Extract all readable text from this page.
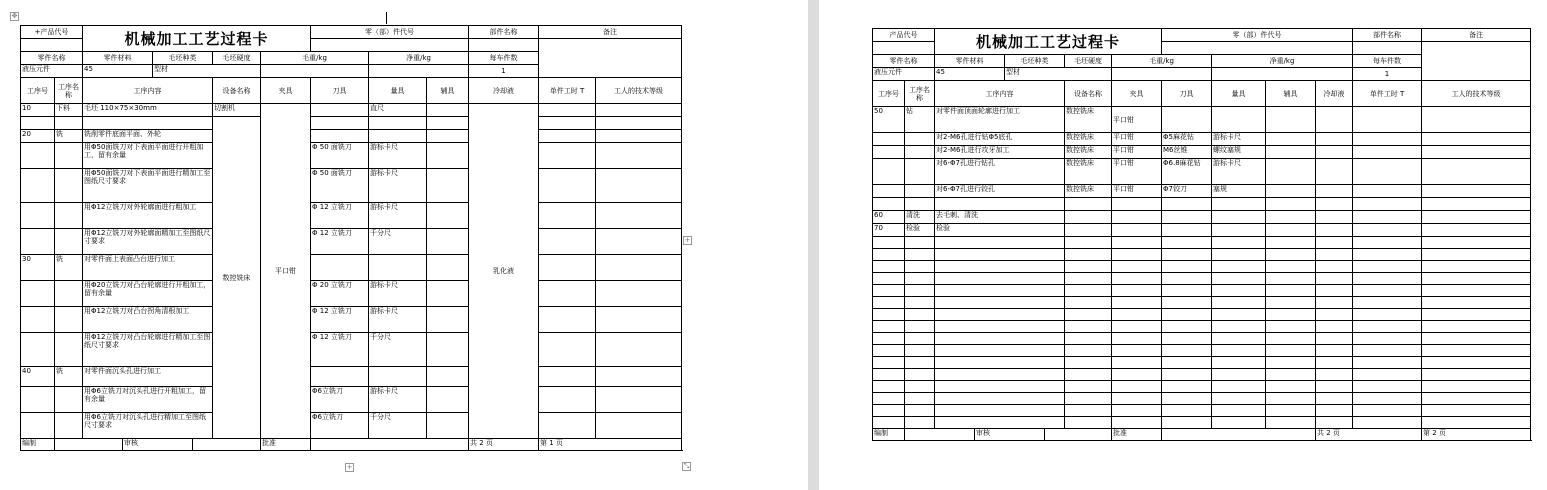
✥
+产品代号		机械加工工艺过程卡						零（部）件代号			部件名称	备注		

零件名称		零件材料		毛坯种类		毛坯硬度	毛重/kg		净重/kg		每车件数			
液压元件		45		型材							1			
工序号	工序名称	工序内容				设备名称	夹具	刀具	量具	辅具	冷却液	单件工时 T	工人的技术等级	
10	下料	毛坯 110×75×30mm				切割机	平口钳		直尺		乳化液			
						数控铣床								
20	铣	铣削零件底面平面、外轮												
		用Φ50面铣刀对下表面平面进行开粗加工，留有余量						Φ 50 面铣刀	游标卡尺					
		用Φ50面铣刀对下表面平面进行精加工至图纸尺寸要求						Φ 50 面铣刀	游标卡尺					
		用Φ12立铣刀对外轮廓面进行粗加工						Φ 12 立铣刀	游标卡尺					
		用Φ12立铣刀对外轮廓面精加工至图纸尺寸要求						Φ 12 立铣刀	千分尺					
30	铣	对零件面上表面凸台进行加工												
		用Φ20立铣刀对凸台轮廓进行开粗加工，留有余量						Φ 20 立铣刀	游标卡尺					
		用Φ12立铣刀对凸台拐角清根加工						Φ 12 立铣刀	游标卡尺					
		用Φ12立铣刀对凸台轮廓进行精加工至图纸尺寸要求						Φ 12 立铣刀	千分尺					
40	铣	对零件面沉头孔进行加工												
		用Φ6立铣刀对沉头孔进行开粗加工，留有余量						Φ6立铣刀	游标卡尺					
		用Φ6立铣刀对沉头孔进行精加工至图纸尺寸要求						Φ6立铣刀	千分尺					
编制			审核				批准				共 2 页	第 1 页		
⤡
+
+
产品代号		机械加工工艺过程卡						零（部）件代号				部件名称	备注	

零件名称		零件材料		毛坯种类		毛坯硬度	毛重/kg		净重/kg			每车件数		
液压元件		45		型材								1		
工序号	工序名称	工序内容				设备名称	夹具	刀具	量具	辅具	冷却液	单件工时 T	工人的技术等级	
50	钻	对零件面顶面轮廓进行加工				数控铣床	平口钳							
		对2-M6孔进行钻Φ5底孔				数控铣床	平口钳	Φ5麻花钻	游标卡尺					
		对2-M6孔进行攻牙加工				数控铣床	平口钳	M6丝锥	螺纹塞规					
		对6-Φ7孔进行钻孔				数控铣床	平口钳	Φ6.8麻花钻	游标卡尺					
		对6-Φ7孔进行铰孔				数控铣床	平口钳	Φ7铰刀	塞规					

60	清洗	去毛刺、清洗												
70	检验	检验												

编制			审核				批准				共 2 页		第 2 页	
